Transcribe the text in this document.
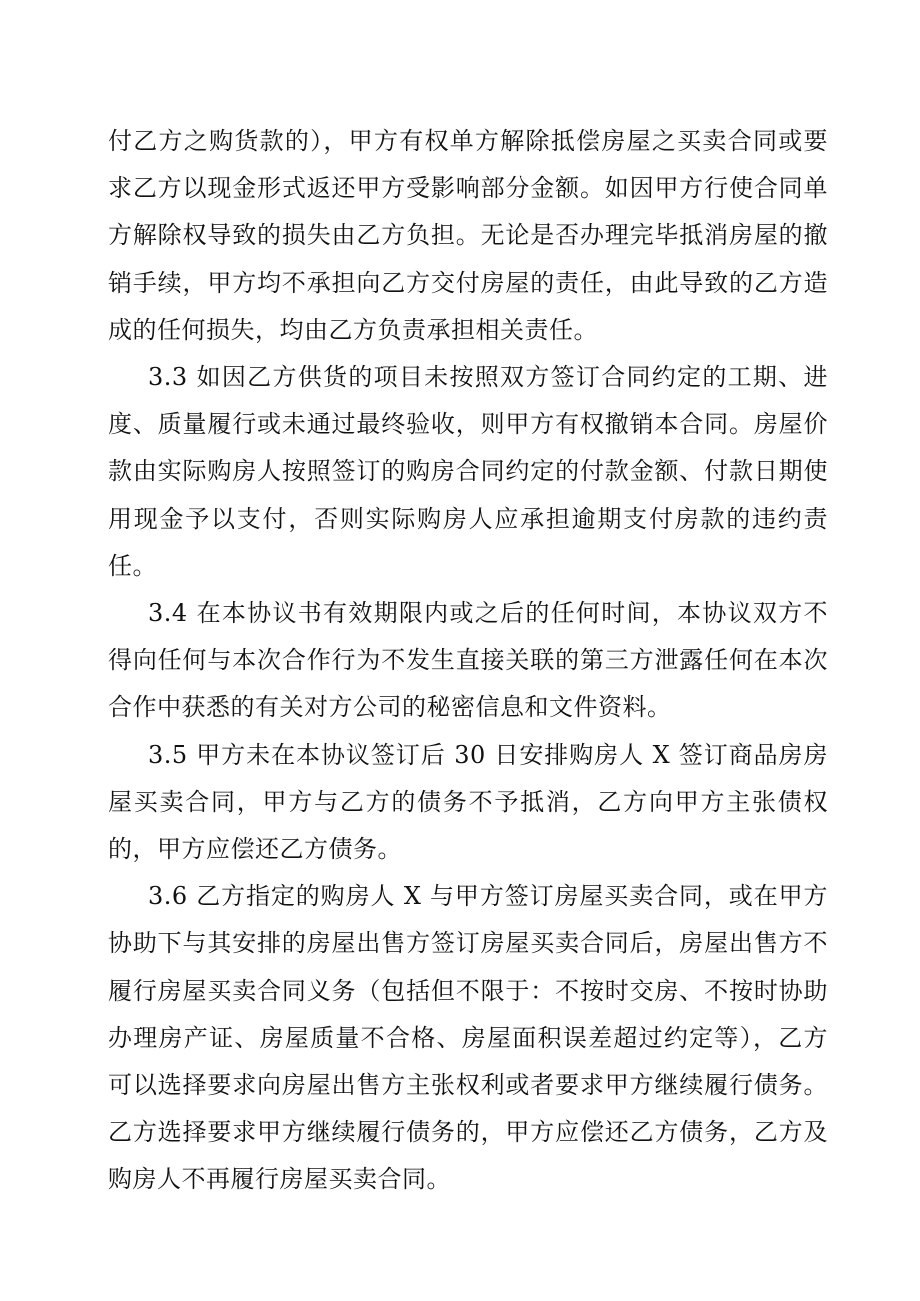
付乙方之购货款的），甲方有权单方解除抵偿房屋之买卖合同或要求乙方以现金形式返还甲方受影响部分金额。如因甲方行使合同单方解除权导致的损失由乙方负担。无论是否办理完毕抵消房屋的撤销手续，甲方均不承担向乙方交付房屋的责任，由此导致的乙方造成的任何损失，均由乙方负责承担相关责任。

3.3 如因乙方供货的项目未按照双方签订合同约定的工期、进度、质量履行或未通过最终验收，则甲方有权撤销本合同。房屋价款由实际购房人按照签订的购房合同约定的付款金额、付款日期使用现金予以支付，否则实际购房人应承担逾期支付房款的违约责任。

3.4 在本协议书有效期限内或之后的任何时间，本协议双方不得向任何与本次合作行为不发生直接关联的第三方泄露任何在本次合作中获悉的有关对方公司的秘密信息和文件资料。

3.5 甲方未在本协议签订后 30 日安排购房人 X 签订商品房房屋买卖合同，甲方与乙方的债务不予抵消，乙方向甲方主张债权的，甲方应偿还乙方债务。

3.6 乙方指定的购房人 X 与甲方签订房屋买卖合同，或在甲方协助下与其安排的房屋出售方签订房屋买卖合同后，房屋出售方不履行房屋买卖合同义务（包括但不限于：不按时交房、不按时协助办理房产证、房屋质量不合格、房屋面积误差超过约定等），乙方可以选择要求向房屋出售方主张权利或者要求甲方继续履行债务。乙方选择要求甲方继续履行债务的，甲方应偿还乙方债务，乙方及购房人不再履行房屋买卖合同。
